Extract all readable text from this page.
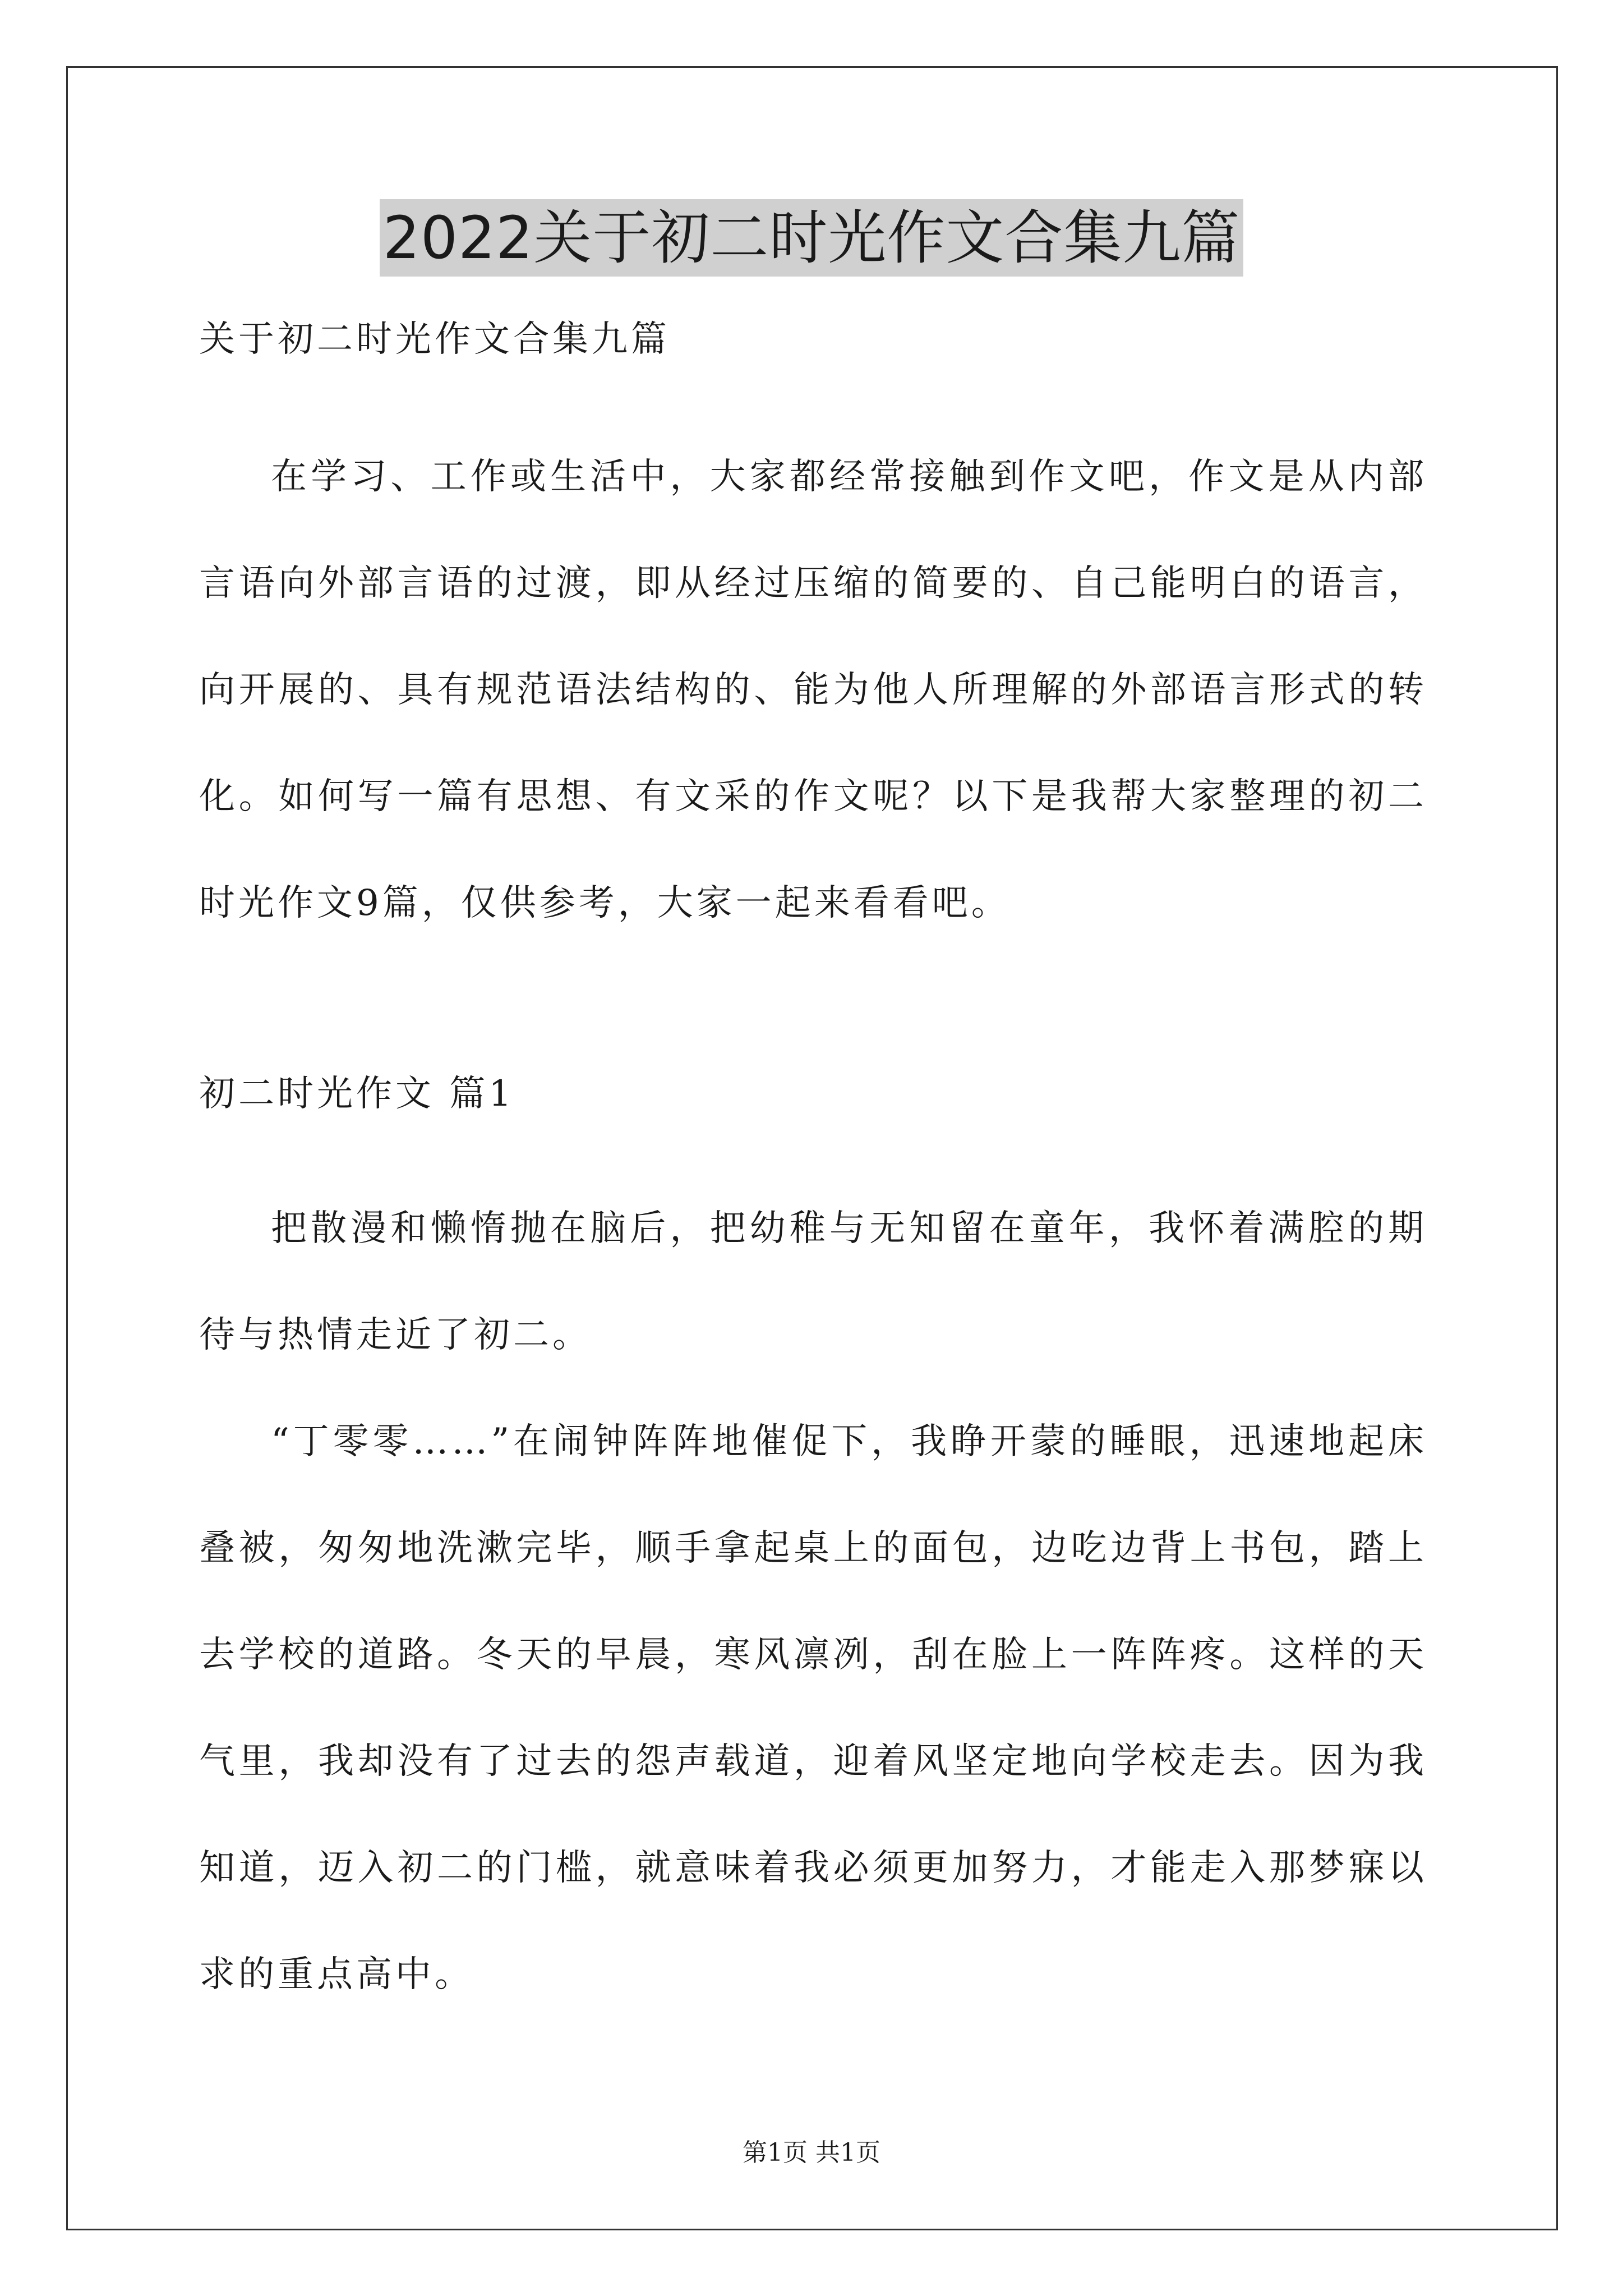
2022关于初二时光作文合集九篇

关于初二时光作文合集九篇

在学习、工作或生活中，大家都经常接触到作文吧，作文是从内部言语向外部言语的过渡，即从经过压缩的简要的、自己能明白的语言，向开展的、具有规范语法结构的、能为他人所理解的外部语言形式的转化。如何写一篇有思想、有文采的作文呢？以下是我帮大家整理的初二时光作文9篇，仅供参考，大家一起来看看吧。

初二时光作文 篇1

把散漫和懒惰抛在脑后，把幼稚与无知留在童年，我怀着满腔的期待与热情走近了初二。

“丁零零……”在闹钟阵阵地催促下，我睁开蒙的睡眼，迅速地起床叠被，匆匆地洗漱完毕，顺手拿起桌上的面包，边吃边背上书包，踏上去学校的道路。冬天的早晨，寒风凛冽，刮在脸上一阵阵疼。这样的天气里，我却没有了过去的怨声载道，迎着风坚定地向学校走去。因为我知道，迈入初二的门槛，就意味着我必须更加努力，才能走入那梦寐以求的重点高中。

第1页 共1页
